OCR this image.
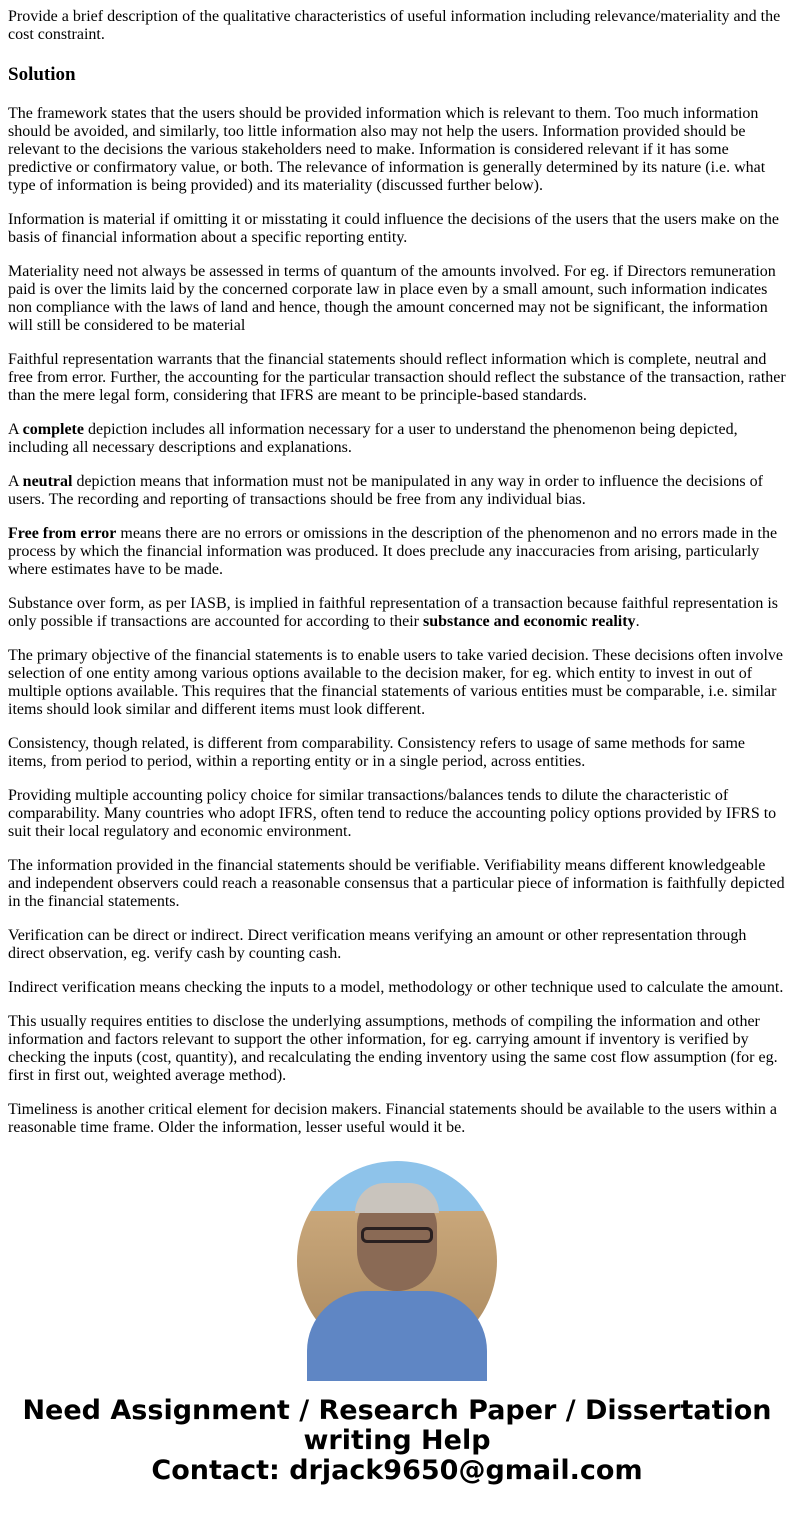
Provide a brief description of the qualitative characteristics of useful information including relevance/materiality and the cost constraint.

Solution

The framework states that the users should be provided information which is relevant to them. Too much information should be avoided, and similarly, too little information also may not help the users. Information provided should be relevant to the decisions the various stakeholders need to make. Information is considered relevant if it has some predictive or confirmatory value, or both. The relevance of information is generally determined by its nature (i.e. what type of information is being provided) and its materiality (discussed further below).

Information is material if omitting it or misstating it could influence the decisions of the users that the users make on the basis of financial information about a specific reporting entity.

Materiality need not always be assessed in terms of quantum of the amounts involved. For eg. if Directors remuneration paid is over the limits laid by the concerned corporate law in place even by a small amount, such information indicates non compliance with the laws of land and hence, though the amount concerned may not be significant, the information will still be considered to be material

Faithful representation warrants that the financial statements should reflect information which is complete, neutral and free from error. Further, the accounting for the particular transaction should reflect the substance of the transaction, rather than the mere legal form, considering that IFRS are meant to be principle-based standards.

A complete depiction includes all information necessary for a user to understand the phenomenon being depicted, including all necessary descriptions and explanations.

A neutral depiction means that information must not be manipulated in any way in order to influence the decisions of users. The recording and reporting of transactions should be free from any individual bias.

Free from error means there are no errors or omissions in the description of the phenomenon and no errors made in the process by which the financial information was produced. It does preclude any inaccuracies from arising, particularly where estimates have to be made.

Substance over form, as per IASB, is implied in faithful representation of a transaction because faithful representation is only possible if transactions are accounted for according to their substance and economic reality.

The primary objective of the financial statements is to enable users to take varied decision. These decisions often involve selection of one entity among various options available to the decision maker, for eg. which entity to invest in out of multiple options available. This requires that the financial statements of various entities must be comparable, i.e. similar items should look similar and different items must look different.

Consistency, though related, is different from comparability. Consistency refers to usage of same methods for same items, from period to period, within a reporting entity or in a single period, across entities.

Providing multiple accounting policy choice for similar transactions/balances tends to dilute the characteristic of comparability. Many countries who adopt IFRS, often tend to reduce the accounting policy options provided by IFRS to suit their local regulatory and economic environment.

The information provided in the financial statements should be verifiable. Verifiability means different knowledgeable and independent observers could reach a reasonable consensus that a particular piece of information is faithfully depicted in the financial statements.

Verification can be direct or indirect. Direct verification means verifying an amount or other representation through direct observation, eg. verify cash by counting cash.

Indirect verification means checking the inputs to a model, methodology or other technique used to calculate the amount.

This usually requires entities to disclose the underlying assumptions, methods of compiling the information and other information and factors relevant to support the other information, for eg. carrying amount if inventory is verified by checking the inputs (cost, quantity), and recalculating the ending inventory using the same cost flow assumption (for eg. first in first out, weighted average method).

Timeliness is another critical element for decision makers. Financial statements should be available to the users within a reasonable time frame. Older the information, lesser useful would it be.

Need Assignment / Research Paper / Dissertation writing Help
Contact: drjack9650@gmail.com
